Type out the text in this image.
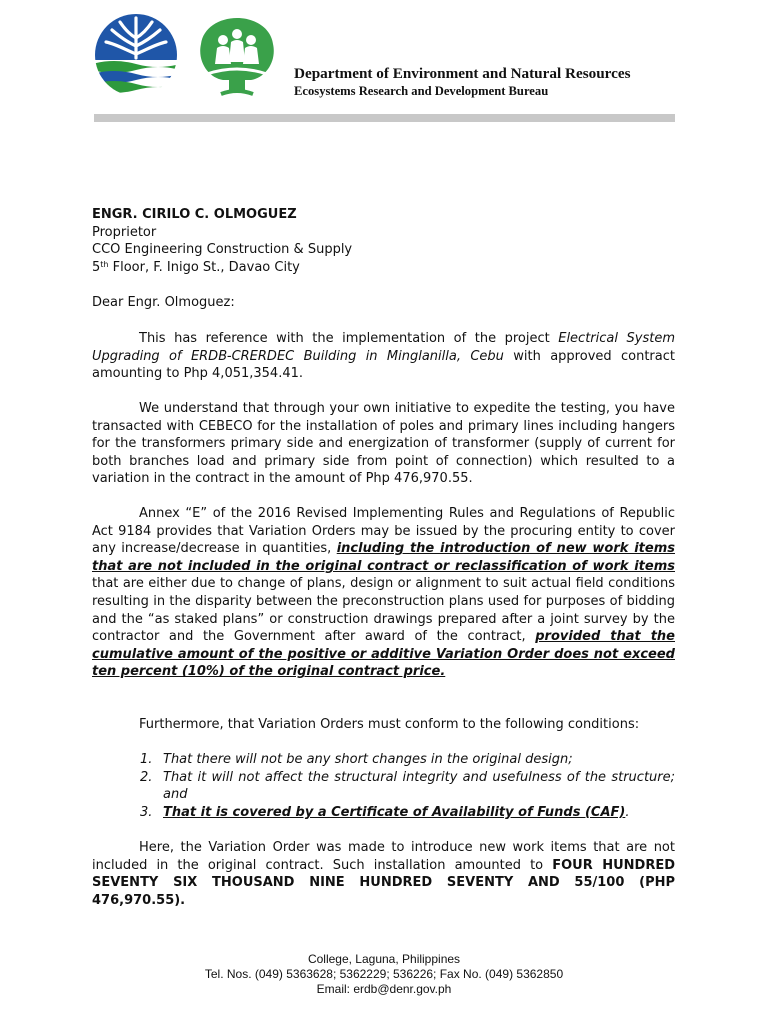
Department of Environment and Natural Resources
Ecosystems Research and Development Bureau
ENGR. CIRILO C. OLMOGUEZ
Proprietor
CCO Engineering Construction & Supply
5th Floor, F. Inigo St., Davao City
Dear Engr. Olmoguez:

This has reference with the implementation of the project Electrical System Upgrading of ERDB-CRERDEC Building in Minglanilla, Cebu with approved contract amounting to Php 4,051,354.41.

We understand that through your own initiative to expedite the testing, you have transacted with CEBECO for the installation of poles and primary lines including hangers for the transformers primary side and energization of transformer (supply of current for both branches load and primary side from point of connection) which resulted to a variation in the contract in the amount of Php 476,970.55.

Annex “E” of the 2016 Revised Implementing Rules and Regulations of Republic Act 9184 provides that Variation Orders may be issued by the procuring entity to cover any increase/decrease in quantities, including the introduction of new work items that are not included in the original contract or reclassification of work items that are either due to change of plans, design or alignment to suit actual field conditions resulting in the disparity between the preconstruction plans used for purposes of bidding and the “as staked plans” or construction drawings prepared after a joint survey by the contractor and the Government after award of the contract, provided that the cumulative amount of the positive or additive Variation Order does not exceed ten percent (10%) of the original contract price.

Furthermore, that Variation Orders must conform to the following conditions:

1. That there will not be any short changes in the original design;
2. That it will not affect the structural integrity and usefulness of the structure; and
3. That it is covered by a Certificate of Availability of Funds (CAF).

Here, the Variation Order was made to introduce new work items that are not included in the original contract. Such installation amounted to FOUR HUNDRED SEVENTY SIX THOUSAND NINE HUNDRED SEVENTY AND 55/100 (PHP 476,970.55).

College, Laguna, Philippines
Tel. Nos. (049) 5363628; 5362229; 536226; Fax No. (049) 5362850
Email: erdb@denr.gov.ph
